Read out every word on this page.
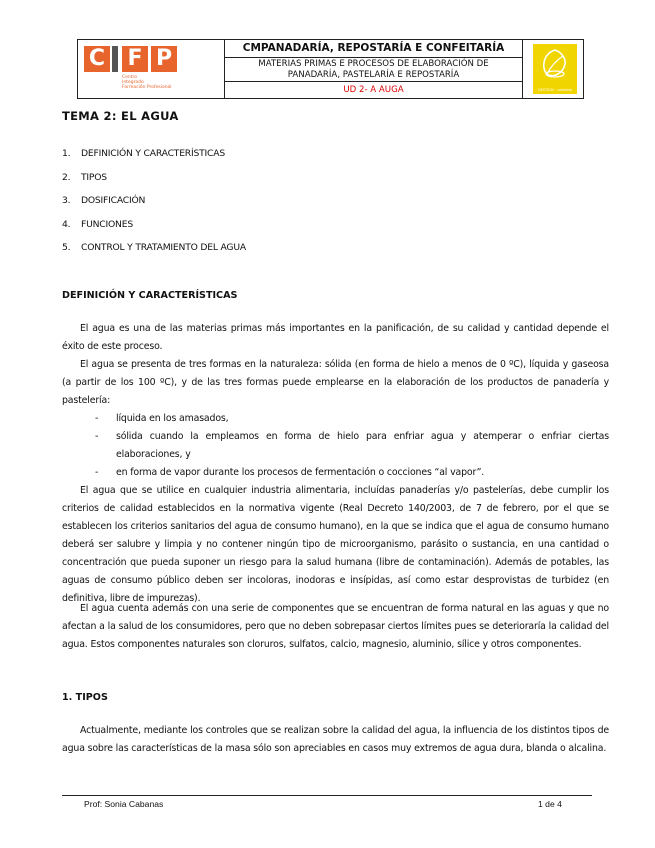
C F P
Centro
Integrado
Formación Profesional
CMPANADARÍA, REPOSTARÍA E CONFEITARÍA
MATERIAS PRIMAS E PROCESOS DE ELABORACIÓN DE
PANADARÍA, PASTELARÍA E REPOSTARÍA
UD 2- A AUGA	GESTIÓN · calidade
TEMA 2: EL AGUA
1. DEFINICIÓN Y CARACTERÍSTICAS
2. TIPOS
3. DOSIFICACIÓN
4. FUNCIONES
5. CONTROL Y TRATAMIENTO DEL AGUA
DEFINICIÓN Y CARACTERÍSTICAS

El agua es una de las materias primas más importantes en la panificación, de su calidad y cantidad depende el éxito de este proceso.

El agua se presenta de tres formas en la naturaleza: sólida (en forma de hielo a menos de 0 ºC), líquida y gaseosa (a partir de los 100 ºC), y de las tres formas puede emplearse en la elaboración de los productos de panadería y pastelería:

- líquida en los amasados,
- sólida cuando la empleamos en forma de hielo para enfriar agua y atemperar o enfriar ciertas elaboraciones, y
- en forma de vapor durante los procesos de fermentación o cocciones “al vapor”.

El agua que se utilice en cualquier industria alimentaria, incluídas panaderías y/o pastelerías, debe cumplir los criterios de calidad establecidos en la normativa vigente (Real Decreto 140/2003, de 7 de febrero, por el que se establecen los criterios sanitarios del agua de consumo humano), en la que se indica que el agua de consumo humano deberá ser salubre y limpia y no contener ningún tipo de microorganismo, parásito o sustancia, en una cantidad o concentración que pueda suponer un riesgo para la salud humana (libre de contaminación). Además de potables, las aguas de consumo público deben ser incoloras, inodoras e insípidas, así como estar desprovistas de turbidez (en definitiva, libre de impurezas).

El agua cuenta además con una serie de componentes que se encuentran de forma natural en las aguas y que no afectan a la salud de los consumidores, pero que no deben sobrepasar ciertos límites pues se deterioraría la calidad del agua. Estos componentes naturales son cloruros, sulfatos, calcio, magnesio, aluminio, sílice y otros componentes.

1. TIPOS

Actualmente, mediante los controles que se realizan sobre la calidad del agua, la influencia de los distintos tipos de agua sobre las características de la masa sólo son apreciables en casos muy extremos de agua dura, blanda o alcalina.

Prof: Sonia Cabanas	1 de 4
